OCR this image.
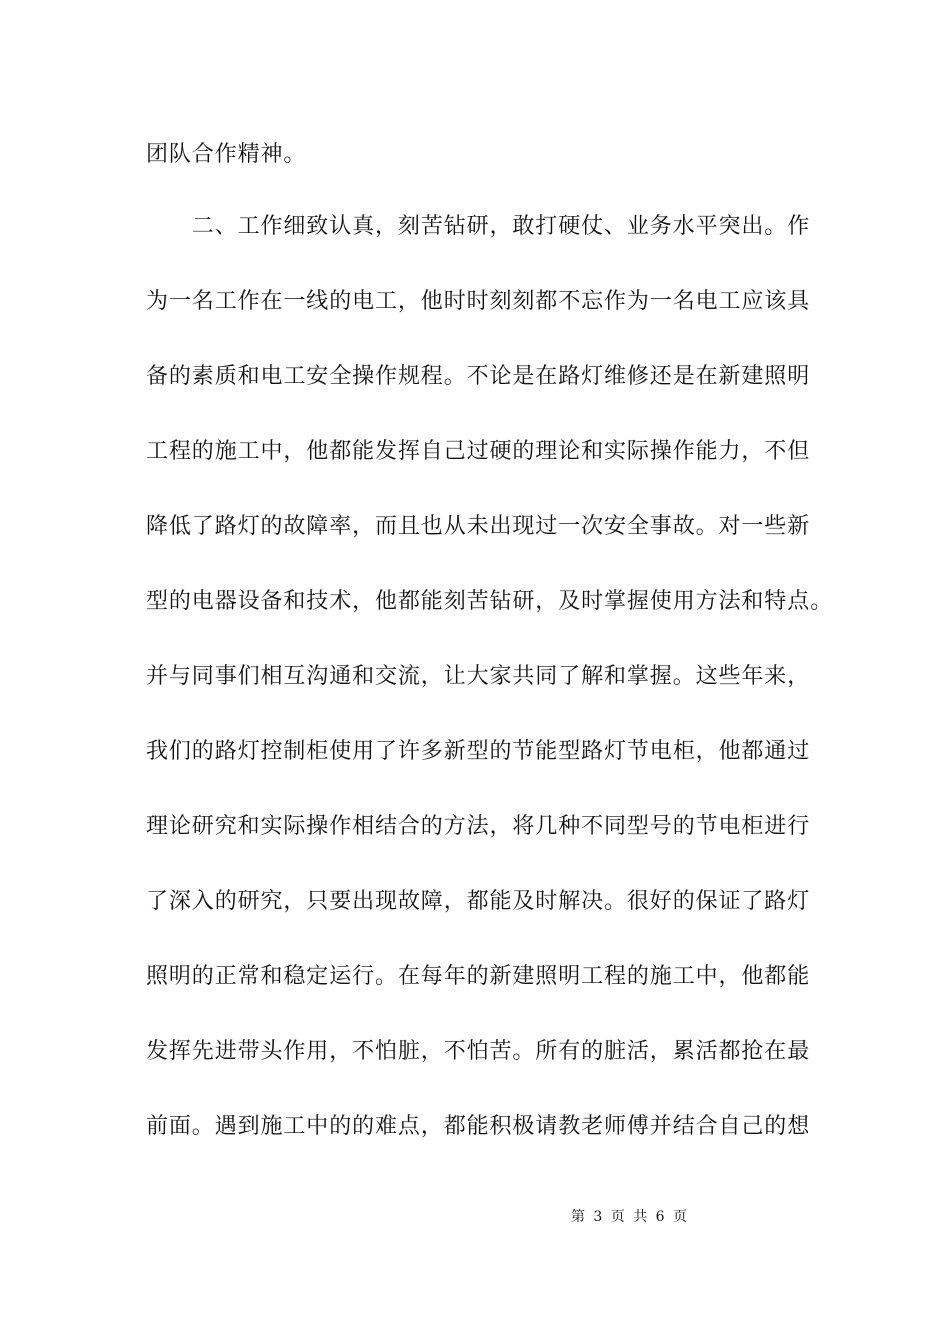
团队合作精神。
　　二、工作细致认真，刻苦钻研，敢打硬仗、业务水平突出。作
为一名工作在一线的电工，他时时刻刻都不忘作为一名电工应该具
备的素质和电工安全操作规程。不论是在路灯维修还是在新建照明
工程的施工中，他都能发挥自己过硬的理论和实际操作能力，不但
降低了路灯的故障率，而且也从未出现过一次安全事故。对一些新
型的电器设备和技术，他都能刻苦钻研，及时掌握使用方法和特点。
并与同事们相互沟通和交流，让大家共同了解和掌握。这些年来，
我们的路灯控制柜使用了许多新型的节能型路灯节电柜，他都通过
理论研究和实际操作相结合的方法，将几种不同型号的节电柜进行
了深入的研究，只要出现故障，都能及时解决。很好的保证了路灯
照明的正常和稳定运行。在每年的新建照明工程的施工中，他都能
发挥先进带头作用，不怕脏，不怕苦。所有的脏活，累活都抢在最
前面。遇到施工中的的难点，都能积极请教老师傅并结合自己的想
第 3 页 共 6 页
